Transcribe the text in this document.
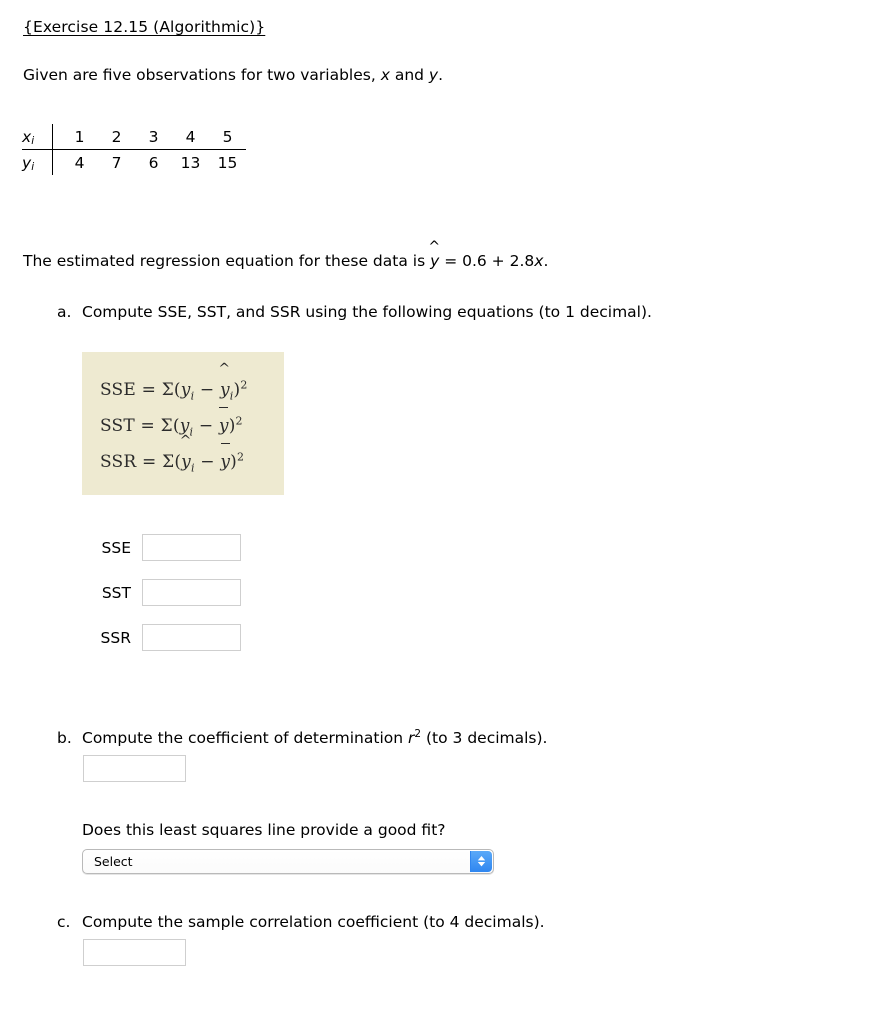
{Exercise 12.15 (Algorithmic)}
Given are five observations for two variables, x and y.
$x_i$	1	2	3	4	5
$y_i$	4	7	6	13	15
The estimated regression equation for these data is ^ y = 0.6 + 2.8x.
a. Compute SSE, SST, and SSR using the following equations (to 1 decimal).
SSE = $\Sigma(y_i$ − ^ $y_i)^2$
SST = $\Sigma(y_i - y)^2$
SSR = Σ(^ $y_i - y)^2$
SSE
SST
SSR
b. Compute the coefficient of determination $r^2$ (to 3 decimals).
Does this least squares line provide a good fit?
Select
c. Compute the sample correlation coefficient (to 4 decimals).
